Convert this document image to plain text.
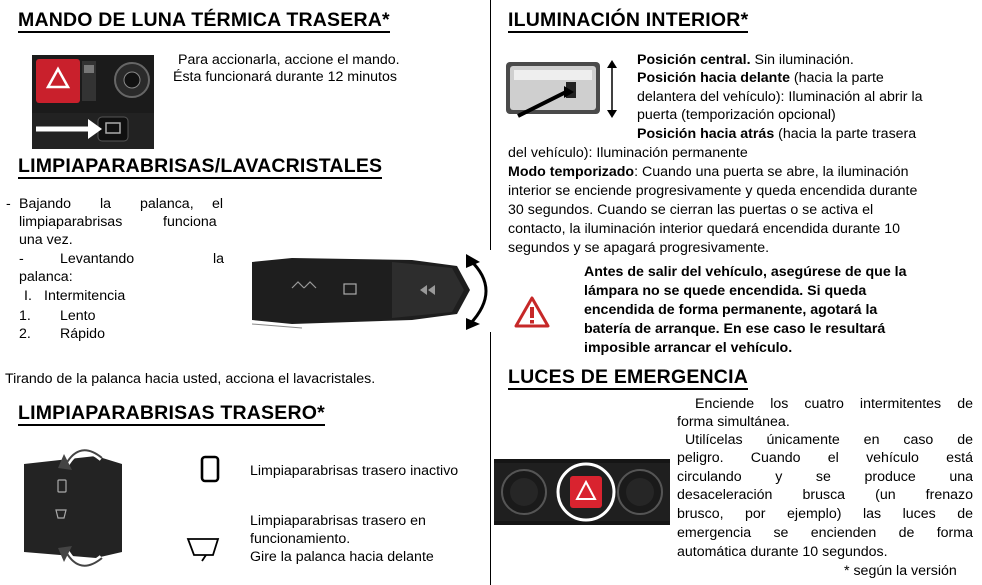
MANDO DE LUNA TÉRMICA TRASERA*
Para accionarla, accione el mando.
Ésta funcionará durante 12 minutos
LIMPIAPARABRISAS/LAVACRISTALES
- Bajando la palanca, el
limpiaparabrisas	funciona
una vez.
-	Levantando	la
palanca:
I. Intermitencia
1. Lento
2. Rápido
Tirando de la palanca hacia usted, acciona el lavacristales.
LIMPIAPARABRISAS TRASERO*
Limpiaparabrisas trasero inactivo
Limpiaparabrisas trasero en
funcionamiento.
Gire la palanca hacia delante
ILUMINACIÓN INTERIOR*
Posición central. Sin iluminación.
Posición hacia delante (hacia la parte
delantera del vehículo): Iluminación al abrir la
puerta (temporización opcional)
Posición hacia atrás (hacia la parte trasera
del vehículo): Iluminación permanente
Modo temporizado: Cuando una puerta se abre, la iluminación
interior se enciende progresivamente y queda encendida durante
30 segundos. Cuando se cierran las puertas o se activa el
contacto, la iluminación interior quedará encendida durante 10
segundos y se apagará progresivamente.
Antes de salir del vehículo, asegúrese de que la
lámpara no se quede encendida. Si queda
encendida de forma permanente, agotará la
batería de arranque. En ese caso le resultará
imposible arrancar el vehículo.
LUCES DE EMERGENCIA
Enciende los cuatro intermitentes de
forma simultánea.
Utilícelas únicamente en caso de
peligro. Cuando el vehículo está
circulando y se produce una
desaceleración brusca (un frenazo
brusco, por ejemplo) las luces de
emergencia se encienden de forma
automática durante 10 segundos.
* según la versión
